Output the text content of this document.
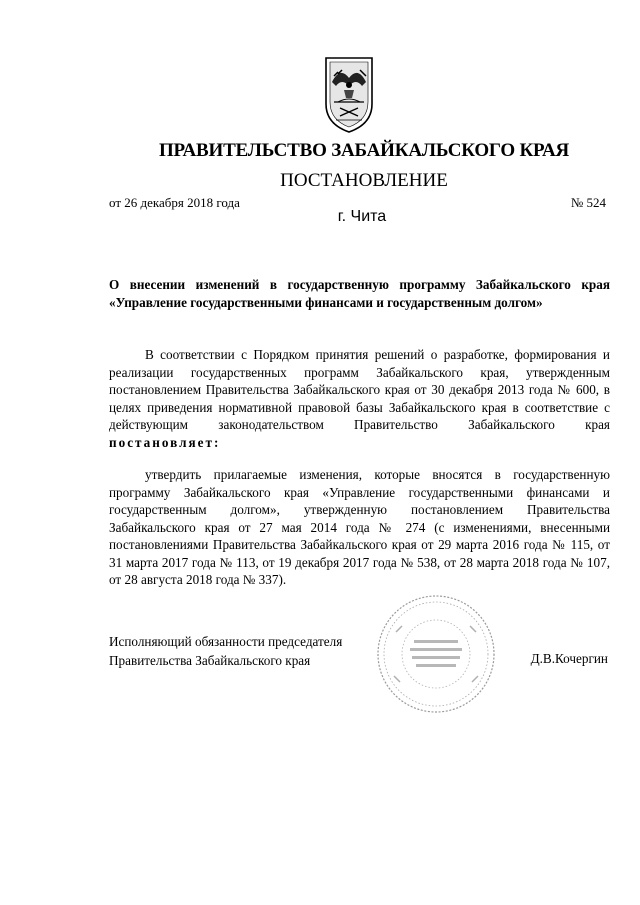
ПРАВИТЕЛЬСТВО ЗАБАЙКАЛЬСКОГО КРАЯ
ПОСТАНОВЛЕНИЕ
от 26 декабря 2018 года	№ 524
г. Чита
О внесении изменений в государственную программу Забайкальского края «Управление государственными финансами и государственным долгом»
В соответствии с Порядком принятия решений о разработке, формирования и реализации государственных программ Забайкальского края, утвержденным постановлением Правительства Забайкальского края от 30 декабря 2013 года № 600, в целях приведения нормативной правовой базы Забайкальского края в соответствие с действующим законодательством Правительство Забайкальского края постановляет:
утвердить прилагаемые изменения, которые вносятся в государственную программу Забайкальского края «Управление государственными финансами и государственным долгом», утвержденную постановлением Правительства Забайкальского края от 27 мая 2014 года № 274 (с изменениями, внесенными постановлениями Правительства Забайкальского края от 29 марта 2016 года № 115, от 31 марта 2017 года № 113, от 19 декабря 2017 года № 538, от 28 марта 2018 года № 107, от 28 августа 2018 года № 337).
Исполняющий обязанности председателя
Правительства Забайкальского края	Д.В.Кочергин
